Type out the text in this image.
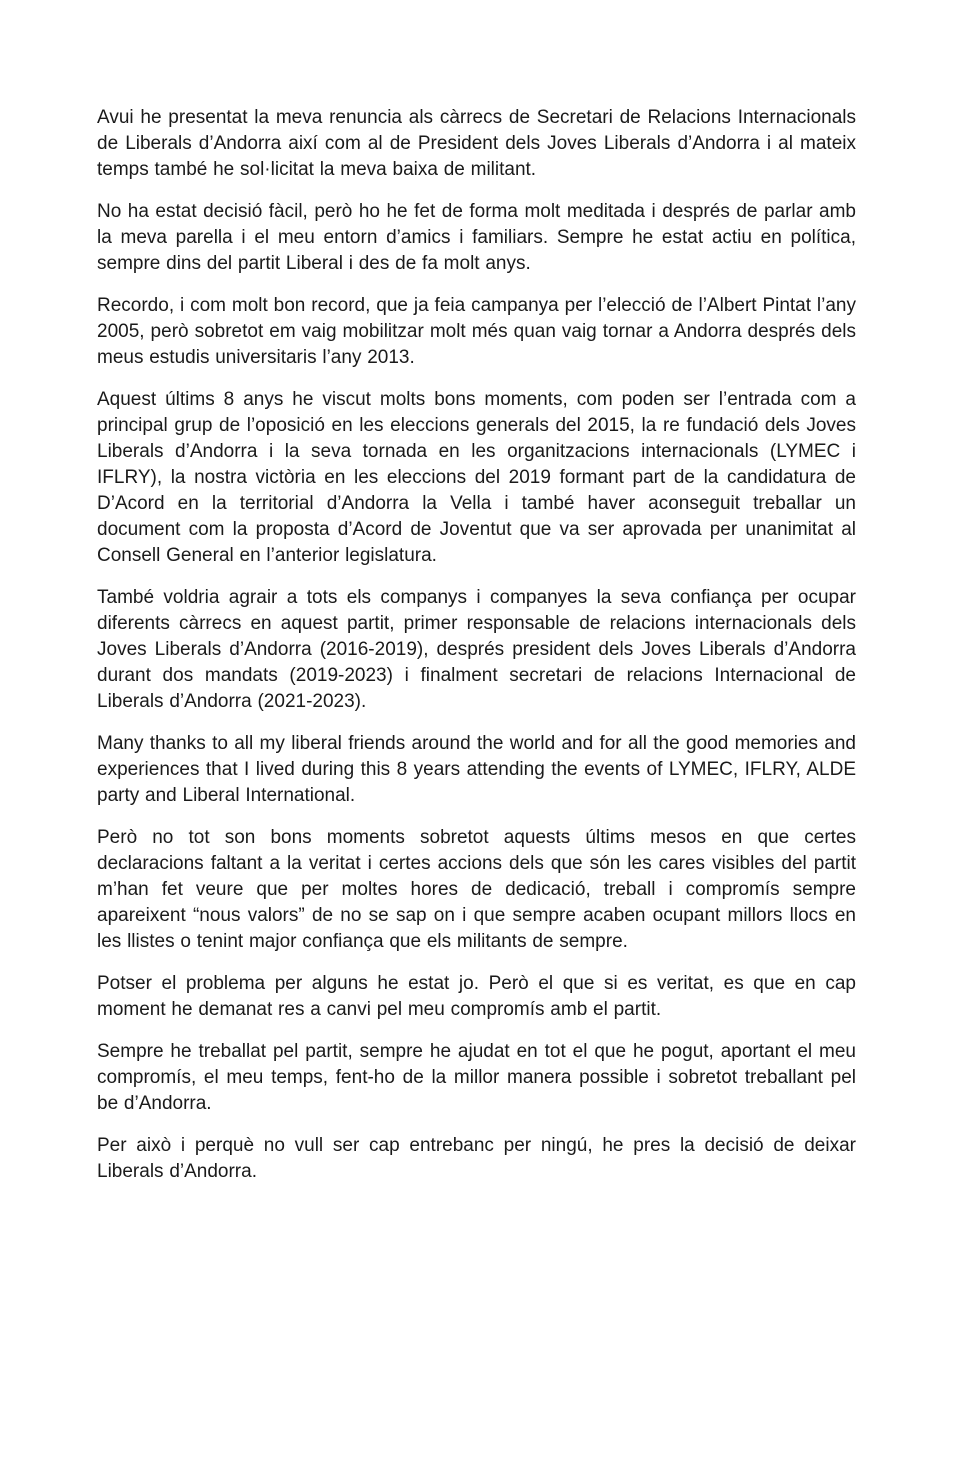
Avui he presentat la meva renuncia als càrrecs de Secretari de Relacions Internacionals de Liberals d’Andorra així com al de President dels Joves Liberals d’Andorra i al mateix temps també he sol·licitat la meva baixa de militant.

No ha estat decisió fàcil, però ho he fet de forma molt meditada i després de parlar amb la meva parella i el meu entorn d’amics i familiars. Sempre he estat actiu en política, sempre dins del partit Liberal i des de fa molt anys.

Recordo, i com molt bon record, que ja feia campanya per l’elecció de l’Albert Pintat l’any 2005, però sobretot em vaig mobilitzar molt més quan vaig tornar a Andorra després dels meus estudis universitaris l’any 2013.

Aquest últims 8 anys he viscut molts bons moments, com poden ser l’entrada com a principal grup de l’oposició en les eleccions generals del 2015, la re fundació dels Joves Liberals d’Andorra i la seva tornada en les organitzacions internacionals (LYMEC i IFLRY), la nostra victòria en les eleccions del 2019 formant part de la candidatura de D’Acord en la territorial d’Andorra la Vella i també haver aconseguit treballar un document com la proposta d’Acord de Joventut que va ser aprovada per unanimitat al Consell General en l’anterior legislatura.

També voldria agrair a tots els companys i companyes la seva confiança per ocupar diferents càrrecs en aquest partit, primer responsable de relacions internacionals dels Joves Liberals d’Andorra (2016-2019), després president dels Joves Liberals d’Andorra durant dos mandats (2019-2023) i finalment secretari de relacions Internacional de Liberals d’Andorra (2021-2023).

Many thanks to all my liberal friends around the world and for all the good memories and experiences that I lived during this 8 years attending the events of LYMEC, IFLRY, ALDE party and Liberal International.

Però no tot son bons moments sobretot aquests últims mesos en que certes declaracions faltant a la veritat i certes accions dels que són les cares visibles del partit m’han fet veure que per moltes hores de dedicació, treball i compromís sempre apareixent “nous valors” de no se sap on i que sempre acaben ocupant millors llocs en les llistes o tenint major confiança que els militants de sempre.

Potser el problema per alguns he estat jo. Però el que si es veritat, es que en cap moment he demanat res a canvi pel meu compromís amb el partit.

Sempre he treballat pel partit, sempre he ajudat en tot el que he pogut, aportant el meu compromís, el meu temps, fent-ho de la millor manera possible i sobretot treballant pel be d’Andorra.

Per això i perquè no vull ser cap entrebanc per ningú, he pres la decisió de deixar Liberals d’Andorra.
